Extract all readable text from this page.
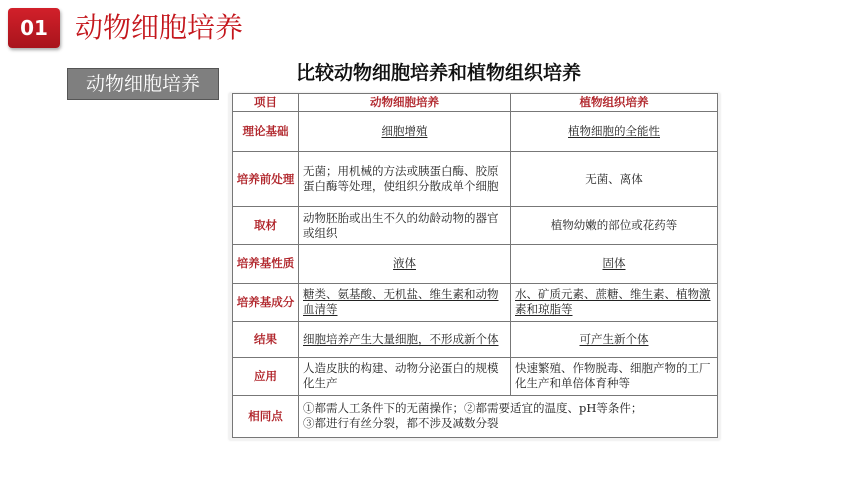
01 动物细胞培养
动物细胞培养	比较动物细胞培养和植物组织培养
项目	动物细胞培养	植物组织培养
理论基础	细胞增殖	植物细胞的全能性
培养前处理	无菌；用机械的方法或胰蛋白酶、胶原蛋白酶等处理，使组织分散成单个细胞	无菌、离体
取材	动物胚胎或出生不久的幼龄动物的器官或组织	植物幼嫩的部位或花药等
培养基性质	液体	固体
培养基成分	糖类、氨基酸、无机盐、维生素和动物血清等	水、矿质元素、蔗糖、维生素、植物激素和琼脂等
结果	细胞培养产生大量细胞，不形成新个体	可产生新个体
应用	人造皮肤的构建、动物分泌蛋白的规模化生产	快速繁殖、作物脱毒、细胞产物的工厂化生产和单倍体育种等
相同点	①都需人工条件下的无菌操作；②都需要适宜的温度、pH等条件；
③都进行有丝分裂，都不涉及减数分裂	
